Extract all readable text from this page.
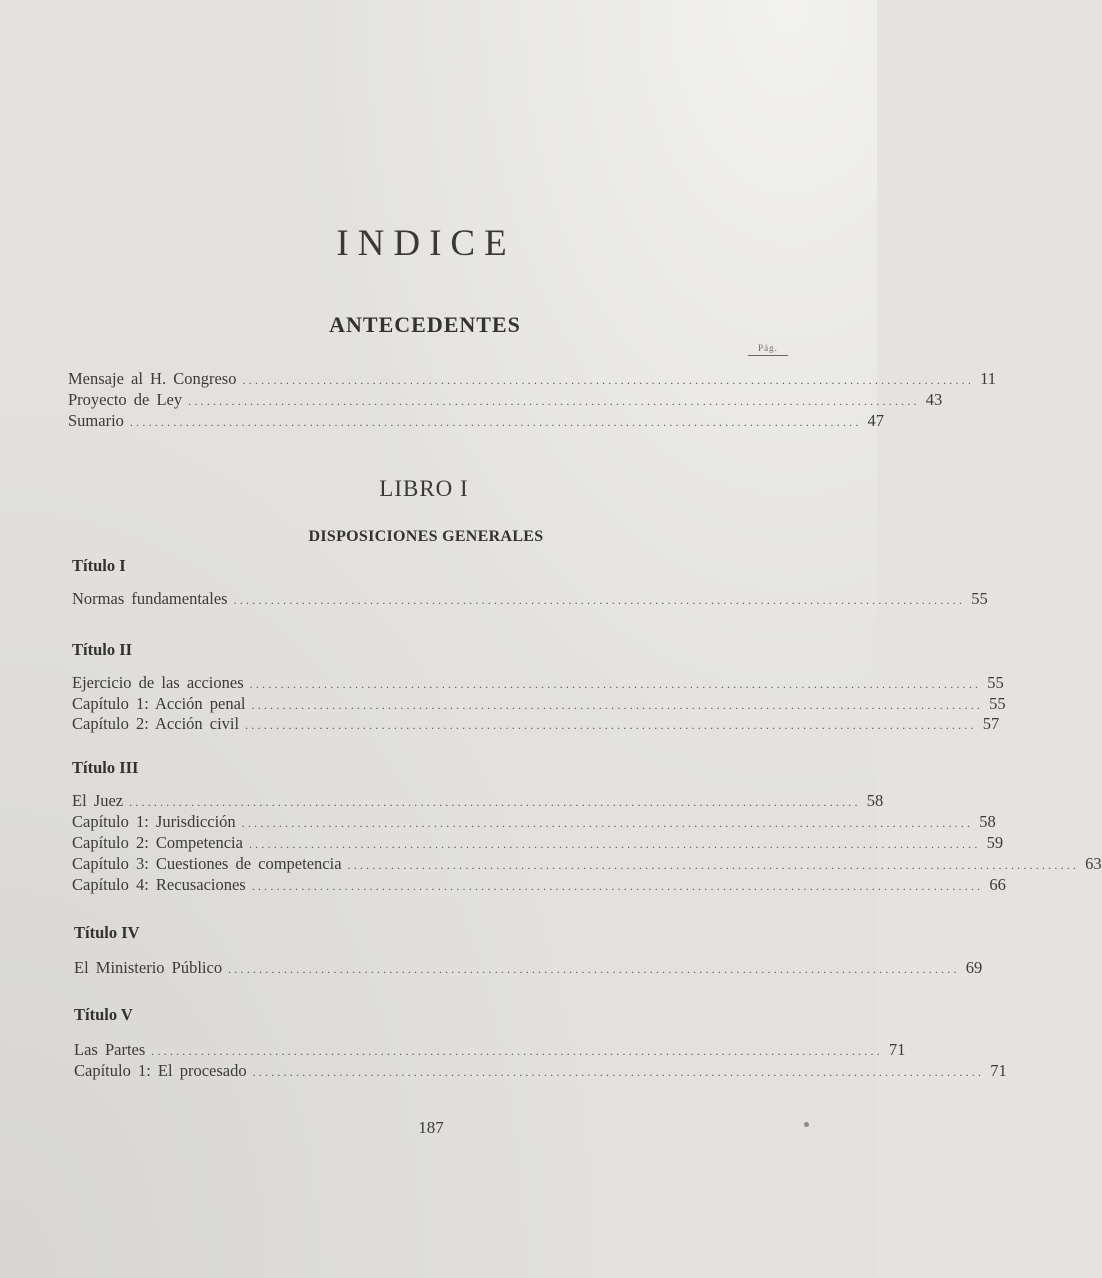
INDICE
ANTECEDENTES
Pág.
Mensaje al H. Congreso ...................................................................................................................... 11
Proyecto de Ley ...................................................................................................................... 43
Sumario ...................................................................................................................... 47
LIBRO I
DISPOSICIONES GENERALES
Título I
Normas fundamentales ...................................................................................................................... 55
Título II
Ejercicio de las acciones ...................................................................................................................... 55
Capítulo 1: Acción penal ...................................................................................................................... 55
Capítulo 2: Acción civil ...................................................................................................................... 57
Título III
El Juez ...................................................................................................................... 58
Capítulo 1: Jurisdicción ...................................................................................................................... 58
Capítulo 2: Competencia ...................................................................................................................... 59
Capítulo 3: Cuestiones de competencia ...................................................................................................................... 63
Capítulo 4: Recusaciones ...................................................................................................................... 66
Título IV
El Ministerio Público ...................................................................................................................... 69
Título V
Las Partes ...................................................................................................................... 71
Capítulo 1: El procesado ...................................................................................................................... 71
187
